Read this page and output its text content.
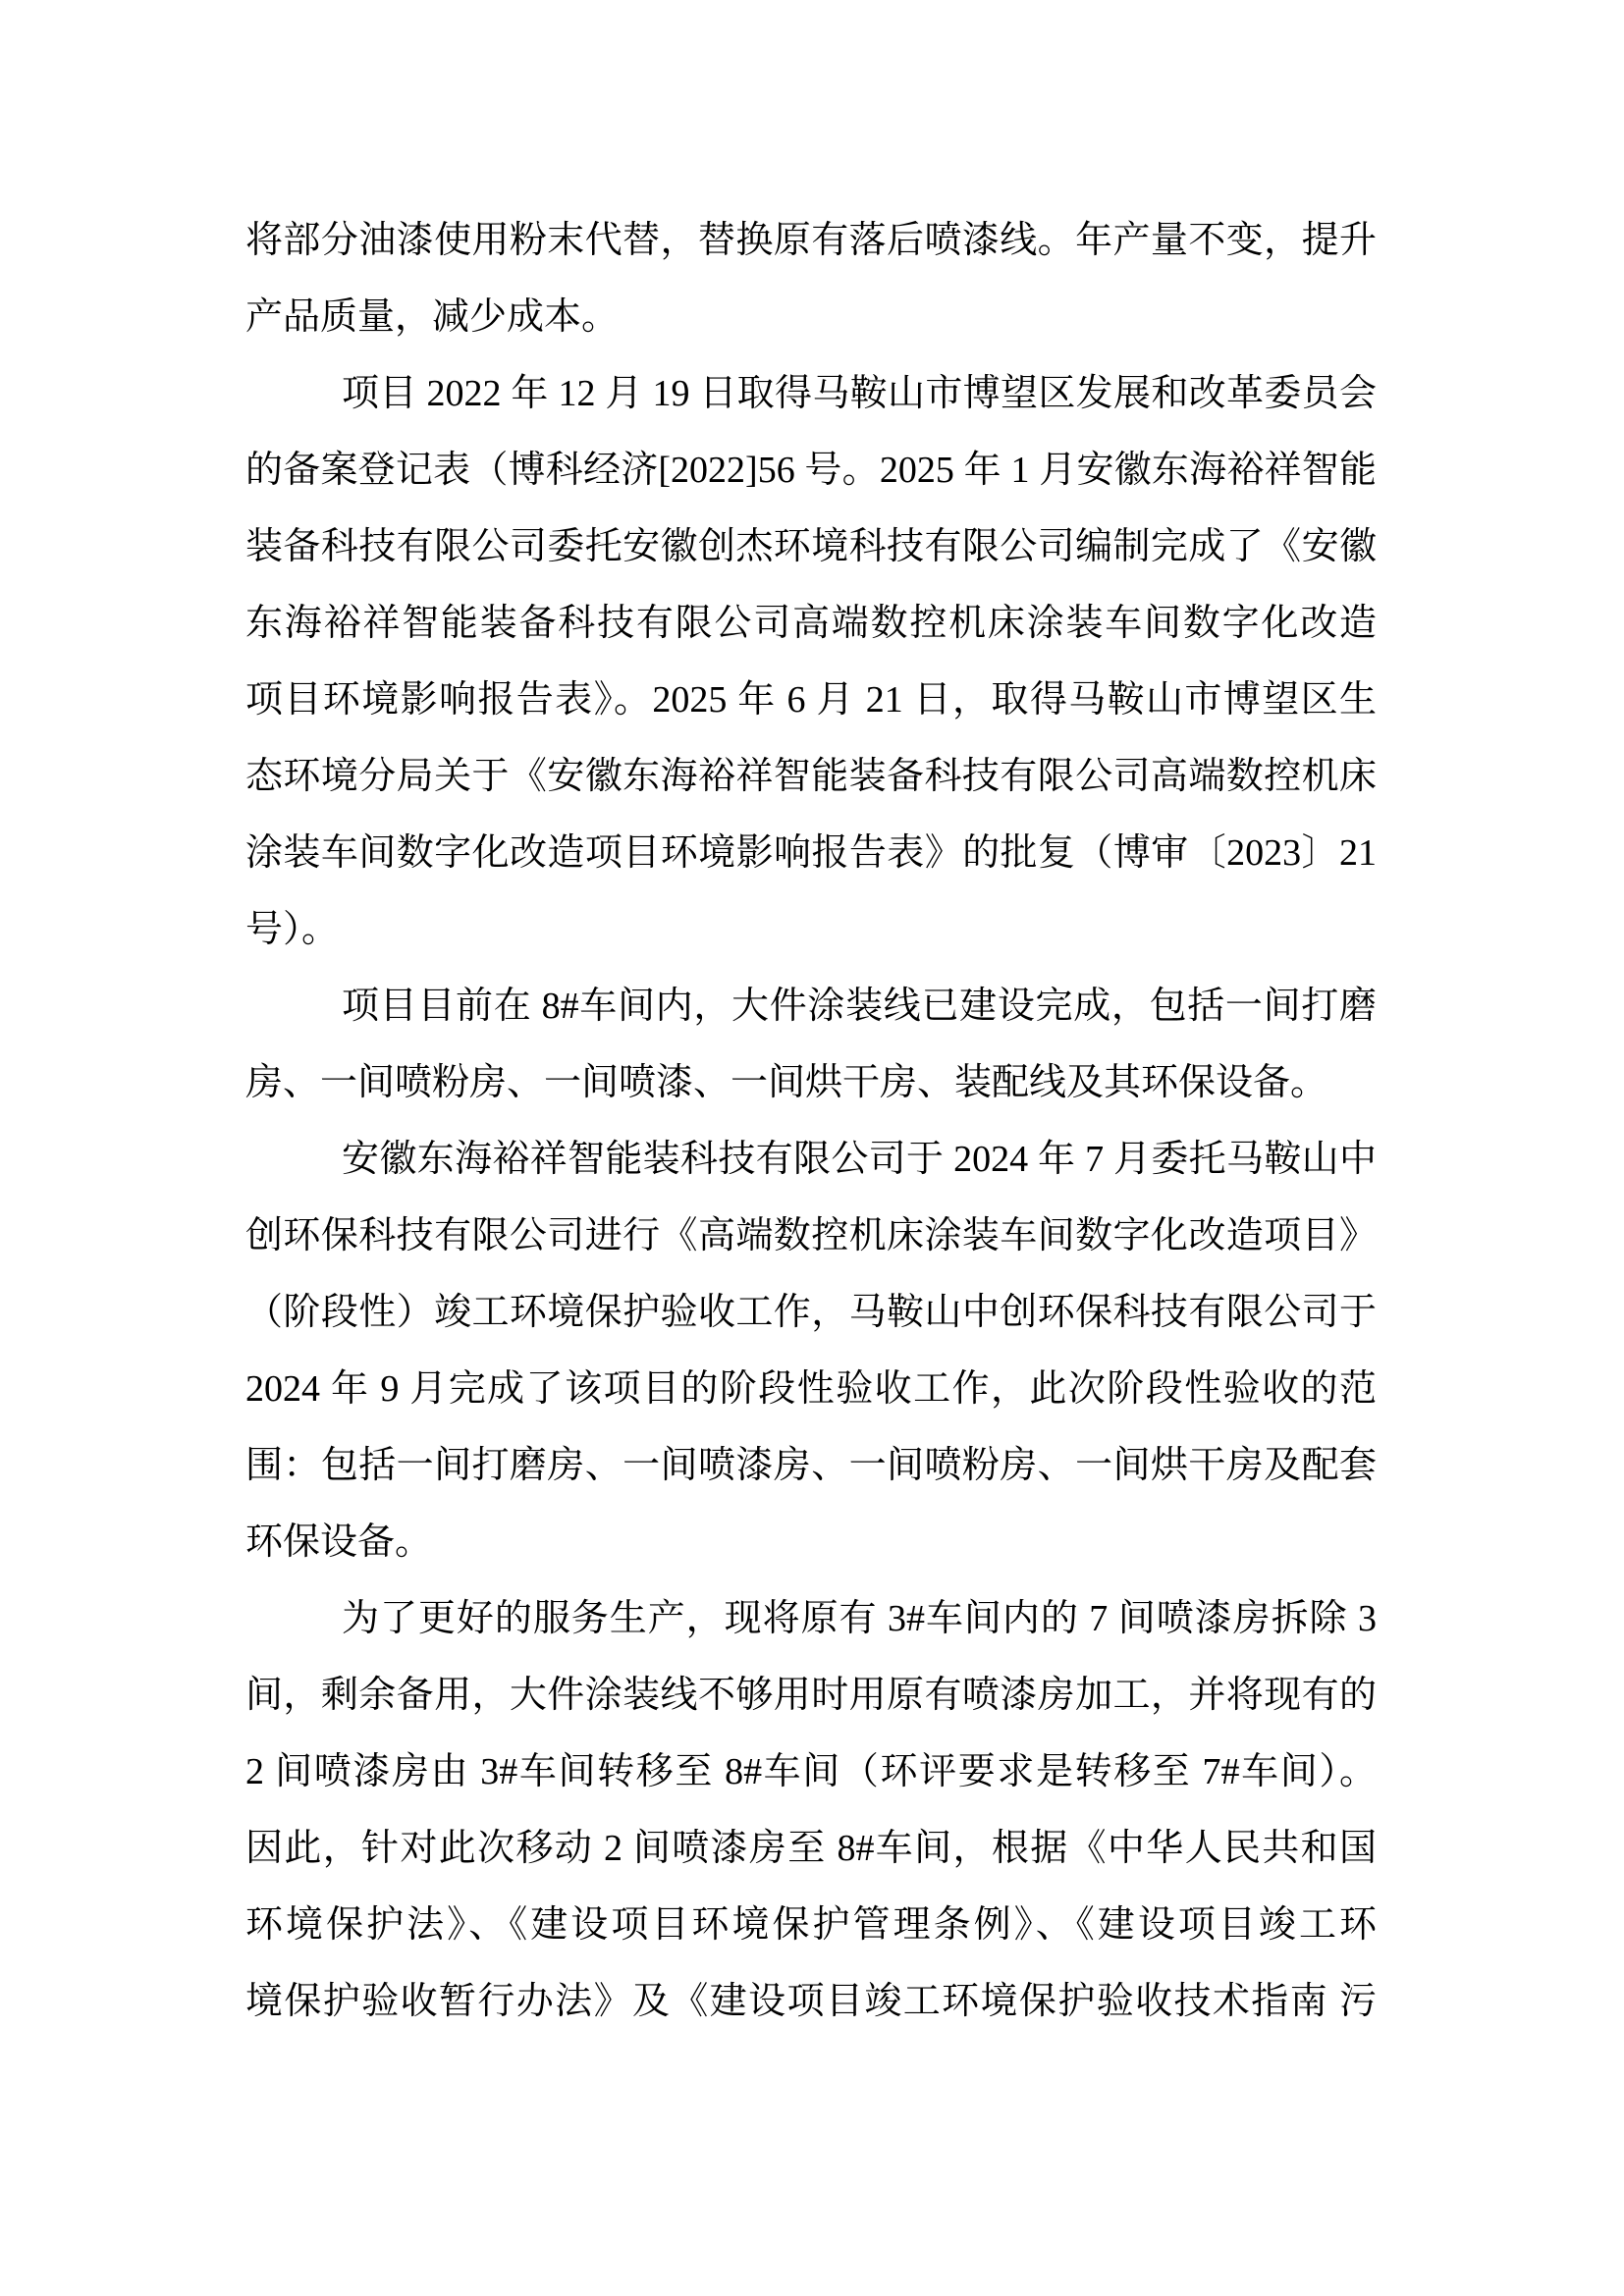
将部分油漆使用粉末代替，替换原有落后喷漆线。年产量不变，提升
产品质量，减少成本。
项目 2022 年 12 月 19 日取得马鞍山市博望区发展和改革委员会
的备案登记表（博科经济[2022]56 号。2025 年 1 月安徽东海裕祥智能
装备科技有限公司委托安徽创杰环境科技有限公司编制完成了《安徽
东海裕祥智能装备科技有限公司高端数控机床涂装车间数字化改造
项目环境影响报告表》。2025 年 6 月 21 日，取得马鞍山市博望区生
态环境分局关于《安徽东海裕祥智能装备科技有限公司高端数控机床
涂装车间数字化改造项目环境影响报告表》的批复（博审〔2023〕21
号）。
项目目前在 8#车间内，大件涂装线已建设完成，包括一间打磨
房、一间喷粉房、一间喷漆、一间烘干房、装配线及其环保设备。
安徽东海裕祥智能装科技有限公司于 2024 年 7 月委托马鞍山中
创环保科技有限公司进行《高端数控机床涂装车间数字化改造项目》
（阶段性）竣工环境保护验收工作，马鞍山中创环保科技有限公司于
2024 年 9 月完成了该项目的阶段性验收工作，此次阶段性验收的范
围：包括一间打磨房、一间喷漆房、一间喷粉房、一间烘干房及配套
环保设备。
为了更好的服务生产，现将原有 3#车间内的 7 间喷漆房拆除 3
间，剩余备用，大件涂装线不够用时用原有喷漆房加工，并将现有的
2 间喷漆房由 3#车间转移至 8#车间（环评要求是转移至 7#车间）。
因此，针对此次移动 2 间喷漆房至 8#车间，根据《中华人民共和国
环境保护法》、《建设项目环境保护管理条例》、《建设项目竣工环
境保护验收暂行办法》及《建设项目竣工环境保护验收技术指南 污
